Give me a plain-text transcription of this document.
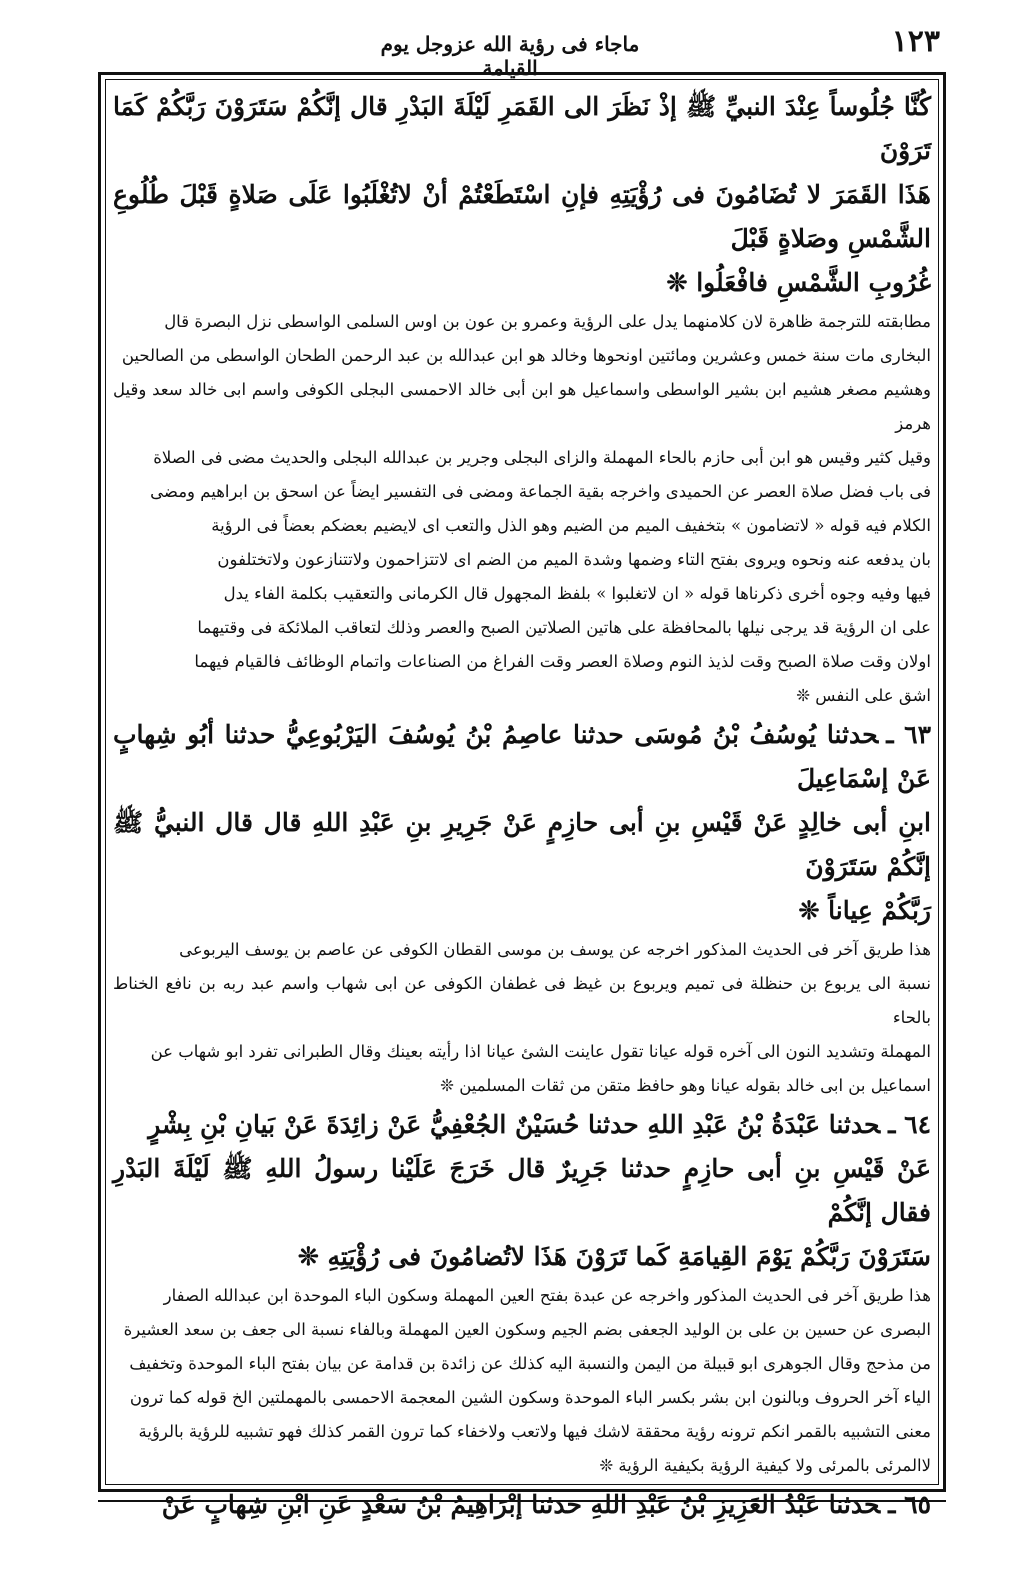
١٢٣
ماجاء فى رؤية الله عزوجل يوم القيامة

كُنَّا جُلُوساً عِنْدَ النبيِّ ﷺ إذْ نَظَرَ الى القَمَرِ لَيْلَةَ البَدْرِ قال إنَّكُمْ سَتَرَوْنَ رَبَّكُمْ كَمَا تَرَوْنَ

هَذَا القَمَرَ لا تُضَامُونَ فى رُؤْيَتِهِ فإنِ اسْتَطَعْتُمْ أنْ لاتُغْلَبُوا عَلَى صَلاةٍ قَبْلَ طُلُوعِ الشَّمْسِ وصَلاةٍ قَبْلَ

غُرُوبِ الشَّمْسِ فافْعَلُوا ❊

مطابقته للترجمة ظاهرة لان كلامنهما يدل على الرؤية وعمرو بن عون بن اوس السلمى الواسطى نزل البصرة قال

البخارى مات سنة خمس وعشرين ومائتين اونحوها وخالد هو ابن عبدالله بن عبد الرحمن الطحان الواسطى من الصالحين

وهشيم مصغر هشيم ابن بشير الواسطى واسماعيل هو ابن أبى خالد الاحمسى البجلى الكوفى واسم ابى خالد سعد وقيل هرمز

وقيل كثير وقيس هو ابن أبى حازم بالحاء المهملة والزاى البجلى وجرير بن عبدالله البجلى والحديث مضى فى الصلاة

فى باب فضل صلاة العصر عن الحميدى واخرجه بقية الجماعة ومضى فى التفسير ايضاً عن اسحق بن ابراهيم ومضى

الكلام فيه قوله « لاتضامون » بتخفيف الميم من الضيم وهو الذل والتعب اى لايضيم بعضكم بعضاً فى الرؤية

بان يدفعه عنه ونحوه ويروى بفتح التاء وضمها وشدة الميم من الضم اى لاتتزاحمون ولاتتنازعون ولاتختلفون

فيها وفيه وجوه أخرى ذكرناها قوله « ان لاتغلبوا » بلفظ المجهول قال الكرمانى والتعقيب بكلمة الفاء يدل

على ان الرؤية قد يرجى نيلها بالمحافظة على هاتين الصلاتين الصبح والعصر وذلك لتعاقب الملائكة فى وقتيهما

اولان وقت صلاة الصبح وقت لذيذ النوم وصلاة العصر وقت الفراغ من الصناعات واتمام الوظائف فالقيام فيهما

اشق على النفس ❊

٦٣ ـحدثنا يُوسُفُ بْنُ مُوسَى حدثنا عاصِمُ بْنُ يُوسُفَ اليَرْبُوعِيُّ حدثنا أبُو شِهابٍ عَنْ إسْمَاعِيلَ

ابنِ أبى خالِدٍ عَنْ قَيْسِ بنِ أبى حازِمٍ عَنْ جَرِيرِ بنِ عَبْدِ اللهِ قال قال النبيُّ ﷺ إنَّكُمْ سَتَرَوْنَ

رَبَّكُمْ عِياناً ❊

هذا طريق آخر فى الحديث المذكور اخرجه عن يوسف بن موسى القطان الكوفى عن عاصم بن يوسف اليربوعى

نسبة الى يربوع بن حنظلة فى تميم ويربوع بن غيظ فى غطفان الكوفى عن ابى شهاب واسم عبد ربه بن نافع الخناط بالحاء

المهملة وتشديد النون الى آخره قوله عيانا تقول عاينت الشئ عيانا اذا رأيته بعينك وقال الطبرانى تفرد ابو شهاب عن

اسماعيل بن ابى خالد بقوله عيانا وهو حافظ متقن من ثقات المسلمين ❊

٦٤ ـحدثنا عَبْدَةُ بْنُ عَبْدِ اللهِ حدثنا حُسَيْنٌ الجُعْفِيُّ عَنْ زائِدَةَ عَنْ بَيانِ بْنِ بِشْرٍ

عَنْ قَيْسِ بنِ أبى حازِمٍ حدثنا جَرِيرٌ قال خَرَجَ عَلَيْنا رسولُ اللهِ ﷺ لَيْلَةَ البَدْرِ فقال إنَّكُمْ

سَتَرَوْنَ رَبَّكُمْ يَوْمَ القِيامَةِ كَما تَرَوْنَ هَذَا لاتُضامُونَ فى رُؤْيَتِهِ ❊

هذا طريق آخر فى الحديث المذكور واخرجه عن عبدة بفتح العين المهملة وسكون الباء الموحدة ابن عبدالله الصفار

البصرى عن حسين بن على بن الوليد الجعفى بضم الجيم وسكون العين المهملة وبالفاء نسبة الى جعف بن سعد العشيرة

من مذحج وقال الجوهرى ابو قبيلة من اليمن والنسبة اليه كذلك عن زائدة بن قدامة عن بيان بفتح الباء الموحدة وتخفيف

الياء آخر الحروف وبالنون ابن بشر بكسر الباء الموحدة وسكون الشين المعجمة الاحمسى بالمهملتين الخ قوله كما ترون

معنى التشبيه بالقمر انكم ترونه رؤية محققة لاشك فيها ولاتعب ولاخفاء كما ترون القمر كذلك فهو تشبيه للرؤية بالرؤية

لاالمرئى بالمرئى ولا كيفية الرؤية بكيفية الرؤية ❊

٦٥ ـحدثنا عَبْدُ العَزِيزِ بْنُ عَبْدِ اللهِ حدثنا إبْرَاهِيمُ بْنُ سَعْدٍ عَنِ ابْنِ شِهابٍ عَنْ
